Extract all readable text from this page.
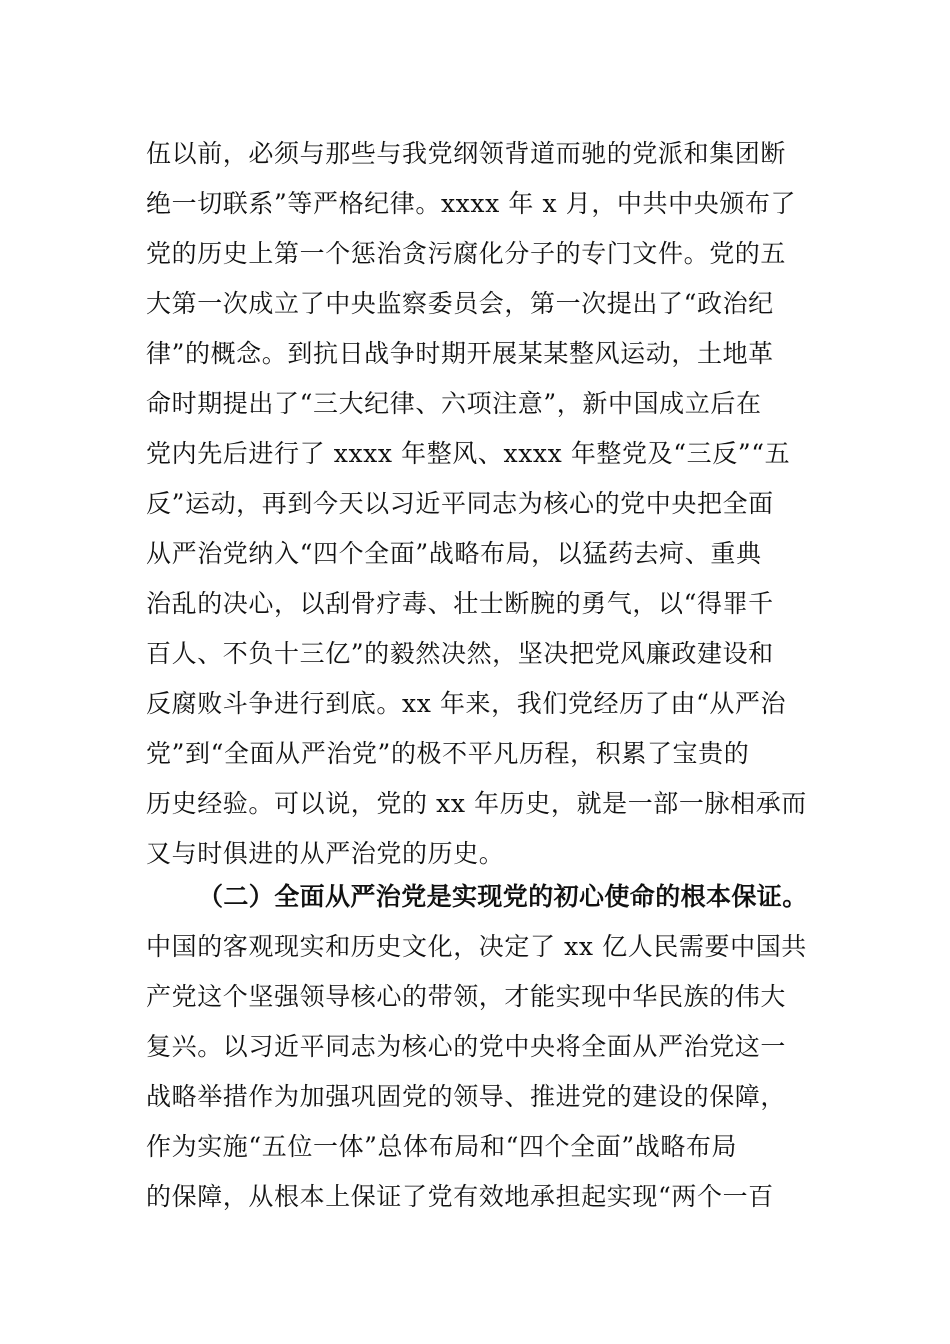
伍以前，必须与那些与我党纲领背道而驰的党派和集团断
绝一切联系”等严格纪律。xxxx 年 x 月，中共中央颁布了
党的历史上第一个惩治贪污腐化分子的专门文件。党的五
大第一次成立了中央监察委员会，第一次提出了“政治纪
律”的概念。到抗日战争时期开展某某整风运动，土地革
命时期提出了“三大纪律、六项注意”，新中国成立后在
党内先后进行了 xxxx 年整风、xxxx 年整党及“三反”“五
反”运动，再到今天以习近平同志为核心的党中央把全面
从严治党纳入“四个全面”战略布局，以猛药去疴、重典
治乱的决心，以刮骨疗毒、壮士断腕的勇气，以“得罪千
百人、不负十三亿”的毅然决然，坚决把党风廉政建设和
反腐败斗争进行到底。xx 年来，我们党经历了由“从严治
党”到“全面从严治党”的极不平凡历程，积累了宝贵的
历史经验。可以说，党的 xx 年历史，就是一部一脉相承而
又与时俱进的从严治党的历史。
（二）全面从严治党是实现党的初心使命的根本保证。
中国的客观现实和历史文化，决定了 xx 亿人民需要中国共
产党这个坚强领导核心的带领，才能实现中华民族的伟大
复兴。以习近平同志为核心的党中央将全面从严治党这一
战略举措作为加强巩固党的领导、推进党的建设的保障，
作为实施“五位一体”总体布局和“四个全面”战略布局
的保障，从根本上保证了党有效地承担起实现“两个一百
